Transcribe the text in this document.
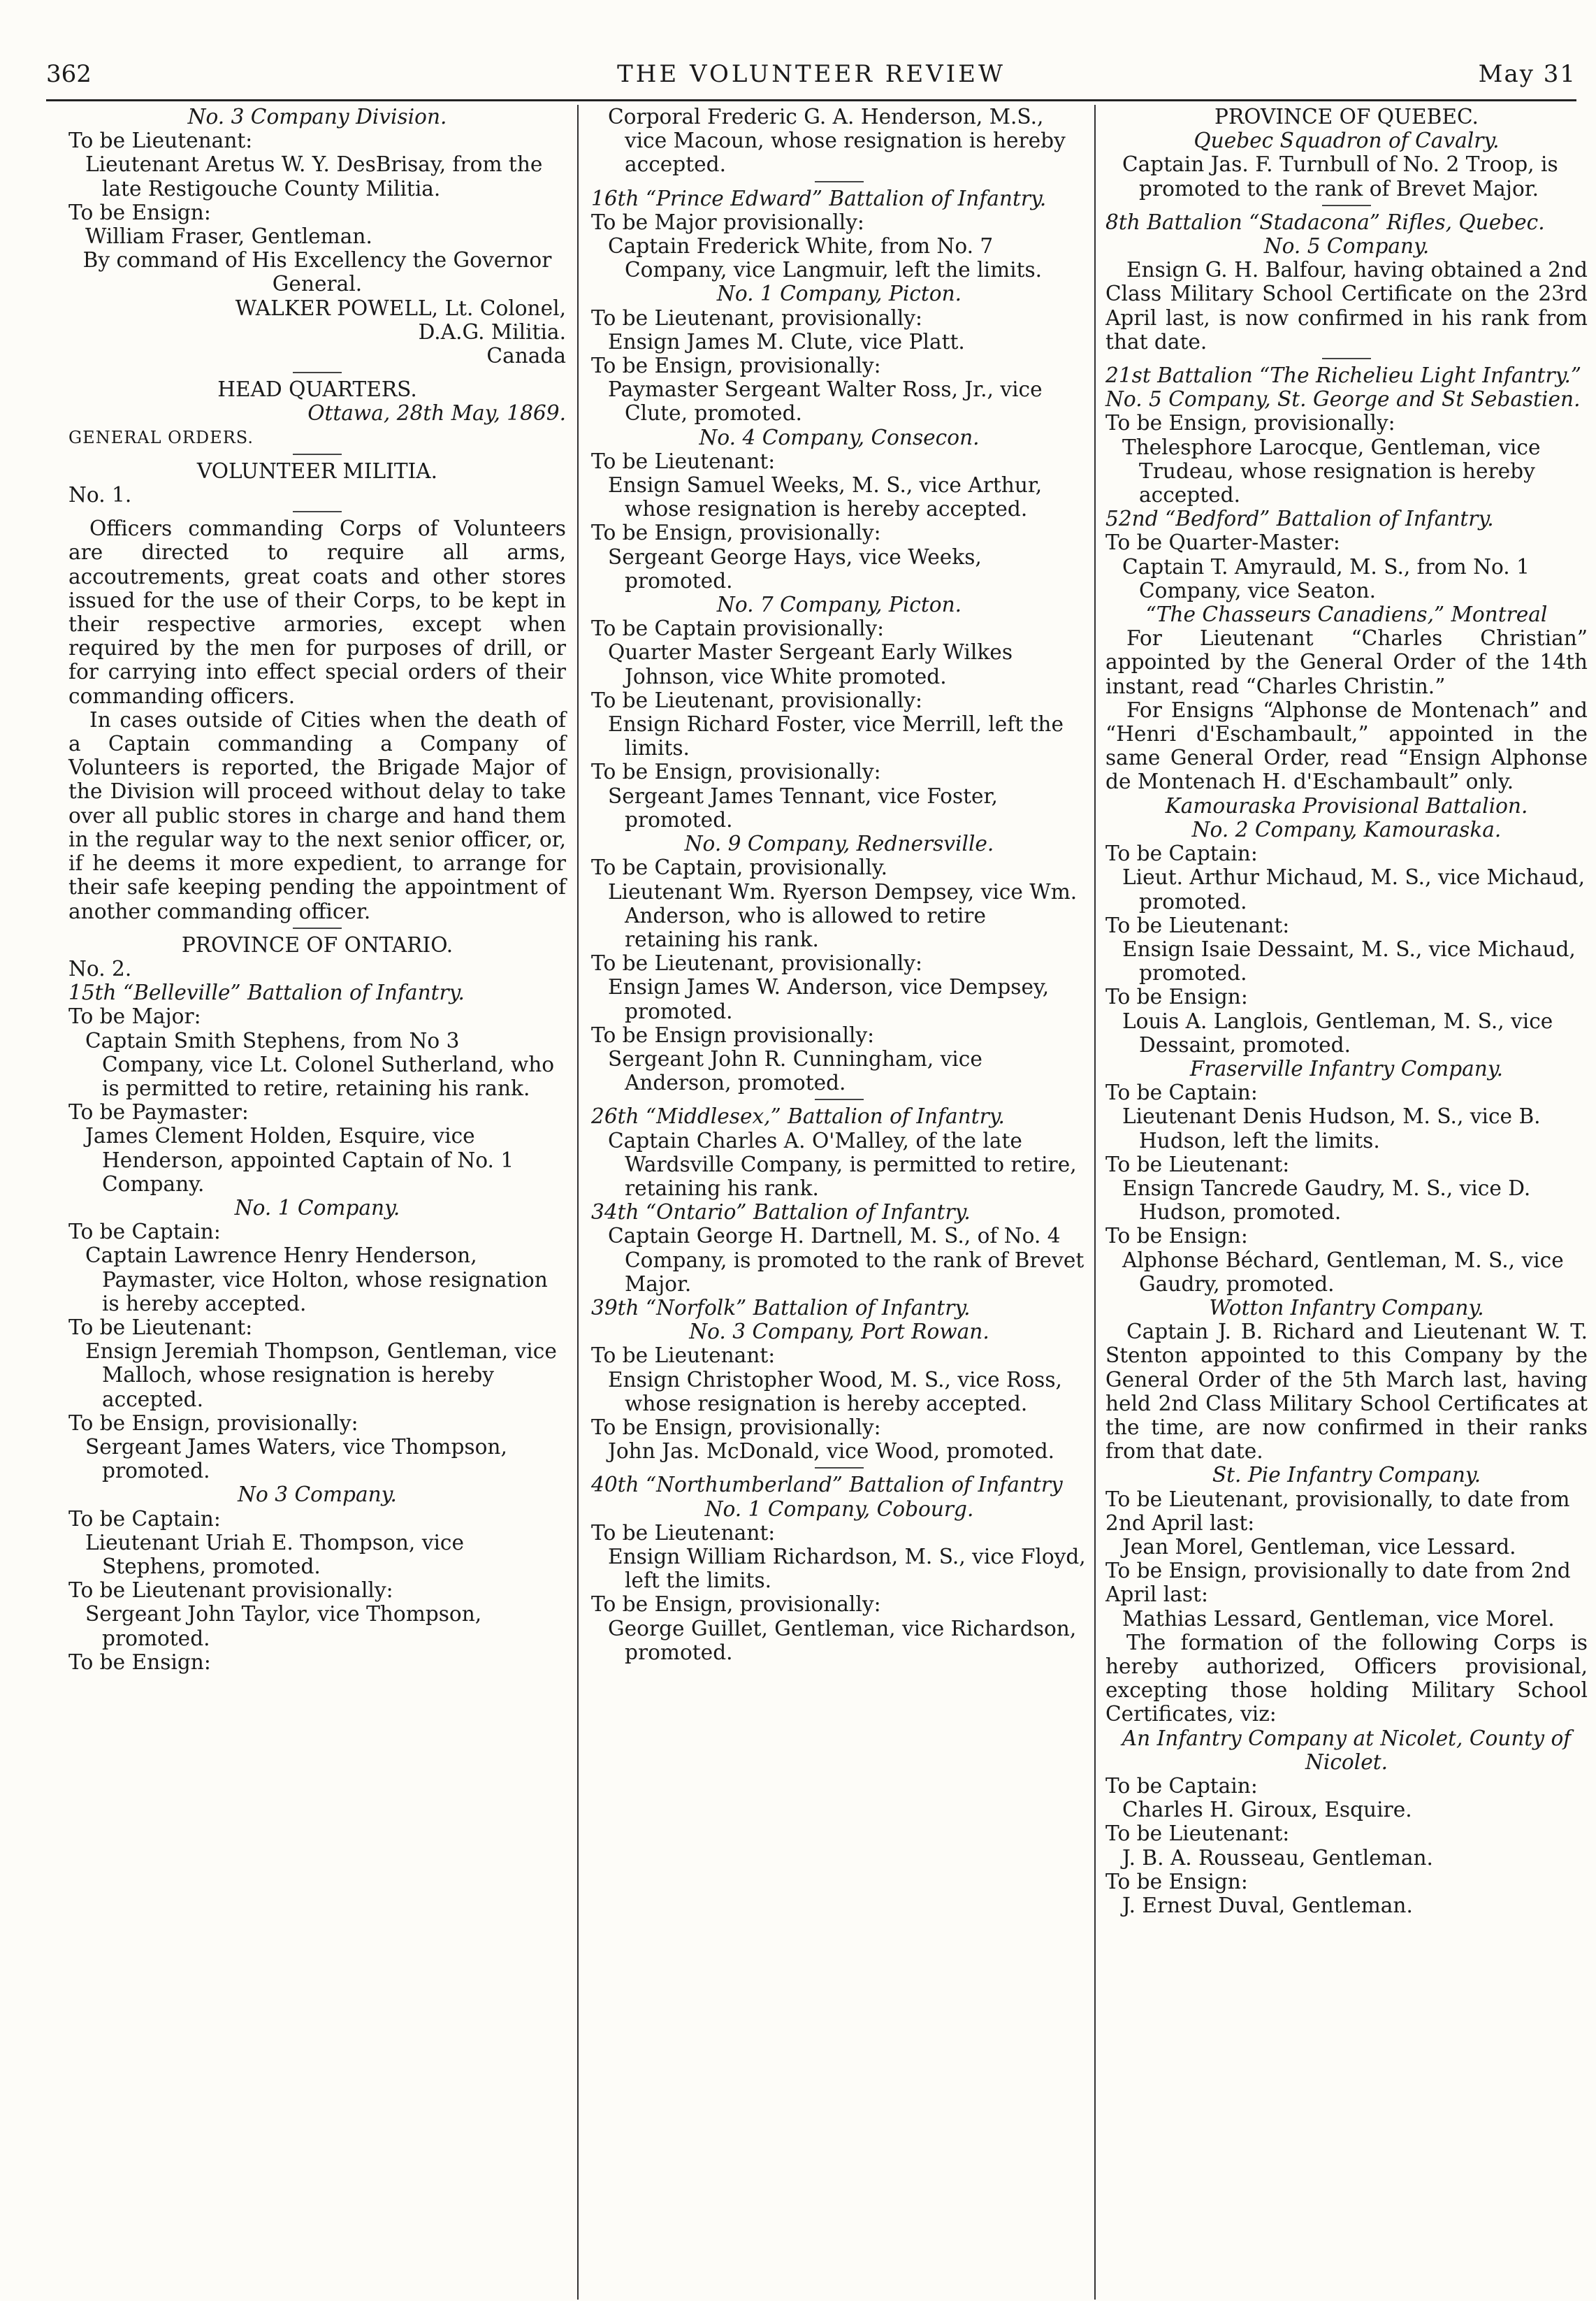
362	THE VOLUNTEER REVIEW	May 31

No. 3 Company Division.

To be Lieutenant:

Lieutenant Aretus W. Y. DesBrisay, from the late Restigouche County Militia.

To be Ensign:

William Fraser, Gentleman.

By command of His Excellency the Governor General.

WALKER POWELL, Lt. Colonel,

D.A.G. Militia.

Canada

HEAD QUARTERS.

Ottawa, 28th May, 1869.

GENERAL ORDERS.

VOLUNTEER MILITIA.

No. 1.

Officers commanding Corps of Volunteers are directed to require all arms, accoutrements, great coats and other stores issued for the use of their Corps, to be kept in their respective armories, except when required by the men for purposes of drill, or for carrying into effect special orders of their commanding officers.

In cases outside of Cities when the death of a Captain commanding a Company of Volunteers is reported, the Brigade Major of the Division will proceed without delay to take over all public stores in charge and hand them in the regular way to the next senior officer, or, if he deems it more expedient, to arrange for their safe keeping pending the appointment of another commanding officer.

PROVINCE OF ONTARIO.

No. 2.

15th “Belleville” Battalion of Infantry.

To be Major:

Captain Smith Stephens, from No 3 Company, vice Lt. Colonel Sutherland, who is permitted to retire, retaining his rank.

To be Paymaster:

James Clement Holden, Esquire, vice Henderson, appointed Captain of No. 1 Company.

No. 1 Company.

To be Captain:

Captain Lawrence Henry Henderson, Paymaster, vice Holton, whose resignation is hereby accepted.

To be Lieutenant:

Ensign Jeremiah Thompson, Gentleman, vice Malloch, whose resignation is hereby accepted.

To be Ensign, provisionally:

Sergeant James Waters, vice Thompson, promoted.

No 3 Company.

To be Captain:

Lieutenant Uriah E. Thompson, vice Stephens, promoted.

To be Lieutenant provisionally:

Sergeant John Taylor, vice Thompson, promoted.

To be Ensign:

Corporal Frederic G. A. Henderson, M.S., vice Macoun, whose resignation is hereby accepted.

16th “Prince Edward” Battalion of Infantry.

To be Major provisionally:

Captain Frederick White, from No. 7 Company, vice Langmuir, left the limits.

No. 1 Company, Picton.

To be Lieutenant, provisionally:

Ensign James M. Clute, vice Platt.

To be Ensign, provisionally:

Paymaster Sergeant Walter Ross, Jr., vice Clute, promoted.

No. 4 Company, Consecon.

To be Lieutenant:

Ensign Samuel Weeks, M. S., vice Arthur, whose resignation is hereby accepted.

To be Ensign, provisionally:

Sergeant George Hays, vice Weeks, promoted.

No. 7 Company, Picton.

To be Captain provisionally:

Quarter Master Sergeant Early Wilkes Johnson, vice White promoted.

To be Lieutenant, provisionally:

Ensign Richard Foster, vice Merrill, left the limits.

To be Ensign, provisionally:

Sergeant James Tennant, vice Foster, promoted.

No. 9 Company, Rednersville.

To be Captain, provisionally.

Lieutenant Wm. Ryerson Dempsey, vice Wm. Anderson, who is allowed to retire retaining his rank.

To be Lieutenant, provisionally:

Ensign James W. Anderson, vice Dempsey, promoted.

To be Ensign provisionally:

Sergeant John R. Cunningham, vice Anderson, promoted.

26th “Middlesex,” Battalion of Infantry.

Captain Charles A. O'Malley, of the late Wardsville Company, is permitted to retire, retaining his rank.

34th “Ontario” Battalion of Infantry.

Captain George H. Dartnell, M. S., of No. 4 Company, is promoted to the rank of Brevet Major.

39th “Norfolk” Battalion of Infantry.

No. 3 Company, Port Rowan.

To be Lieutenant:

Ensign Christopher Wood, M. S., vice Ross, whose resignation is hereby accepted.

To be Ensign, provisionally:

John Jas. McDonald, vice Wood, promoted.

40th “Northumberland” Battalion of Infantry

No. 1 Company, Cobourg.

To be Lieutenant:

Ensign William Richardson, M. S., vice Floyd, left the limits.

To be Ensign, provisionally:

George Guillet, Gentleman, vice Richardson, promoted.

PROVINCE OF QUEBEC.

Quebec Squadron of Cavalry.

Captain Jas. F. Turnbull of No. 2 Troop, is promoted to the rank of Brevet Major.

8th Battalion “Stadacona” Rifles, Quebec.

No. 5 Company.

Ensign G. H. Balfour, having obtained a 2nd Class Military School Certificate on the 23rd April last, is now confirmed in his rank from that date.

21st Battalion “The Richelieu Light Infantry.”

No. 5 Company, St. George and St Sebastien.

To be Ensign, provisionally:

Thelesphore Larocque, Gentleman, vice Trudeau, whose resignation is hereby accepted.

52nd “Bedford” Battalion of Infantry.

To be Quarter-Master:

Captain T. Amyrauld, M. S., from No. 1 Company, vice Seaton.

“The Chasseurs Canadiens,” Montreal

For Lieutenant “Charles Christian” appointed by the General Order of the 14th instant, read “Charles Christin.”

For Ensigns “Alphonse de Montenach” and “Henri d'Eschambault,” appointed in the same General Order, read “Ensign Alphonse de Montenach H. d'Eschambault” only.

Kamouraska Provisional Battalion.

No. 2 Company, Kamouraska.

To be Captain:

Lieut. Arthur Michaud, M. S., vice Michaud, promoted.

To be Lieutenant:

Ensign Isaie Dessaint, M. S., vice Michaud, promoted.

To be Ensign:

Louis A. Langlois, Gentleman, M. S., vice Dessaint, promoted.

Fraserville Infantry Company.

To be Captain:

Lieutenant Denis Hudson, M. S., vice B. Hudson, left the limits.

To be Lieutenant:

Ensign Tancrede Gaudry, M. S., vice D. Hudson, promoted.

To be Ensign:

Alphonse Béchard, Gentleman, M. S., vice Gaudry, promoted.

Wotton Infantry Company.

Captain J. B. Richard and Lieutenant W. T. Stenton appointed to this Company by the General Order of the 5th March last, having held 2nd Class Military School Certificates at the time, are now confirmed in their ranks from that date.

St. Pie Infantry Company.

To be Lieutenant, provisionally, to date from 2nd April last:

Jean Morel, Gentleman, vice Lessard.

To be Ensign, provisionally to date from 2nd April last:

Mathias Lessard, Gentleman, vice Morel.

The formation of the following Corps is hereby authorized, Officers provisional, excepting those holding Military School Certificates, viz:

An Infantry Company at Nicolet, County of Nicolet.

To be Captain:

Charles H. Giroux, Esquire.

To be Lieutenant:

J. B. A. Rousseau, Gentleman.

To be Ensign:

J. Ernest Duval, Gentleman.
